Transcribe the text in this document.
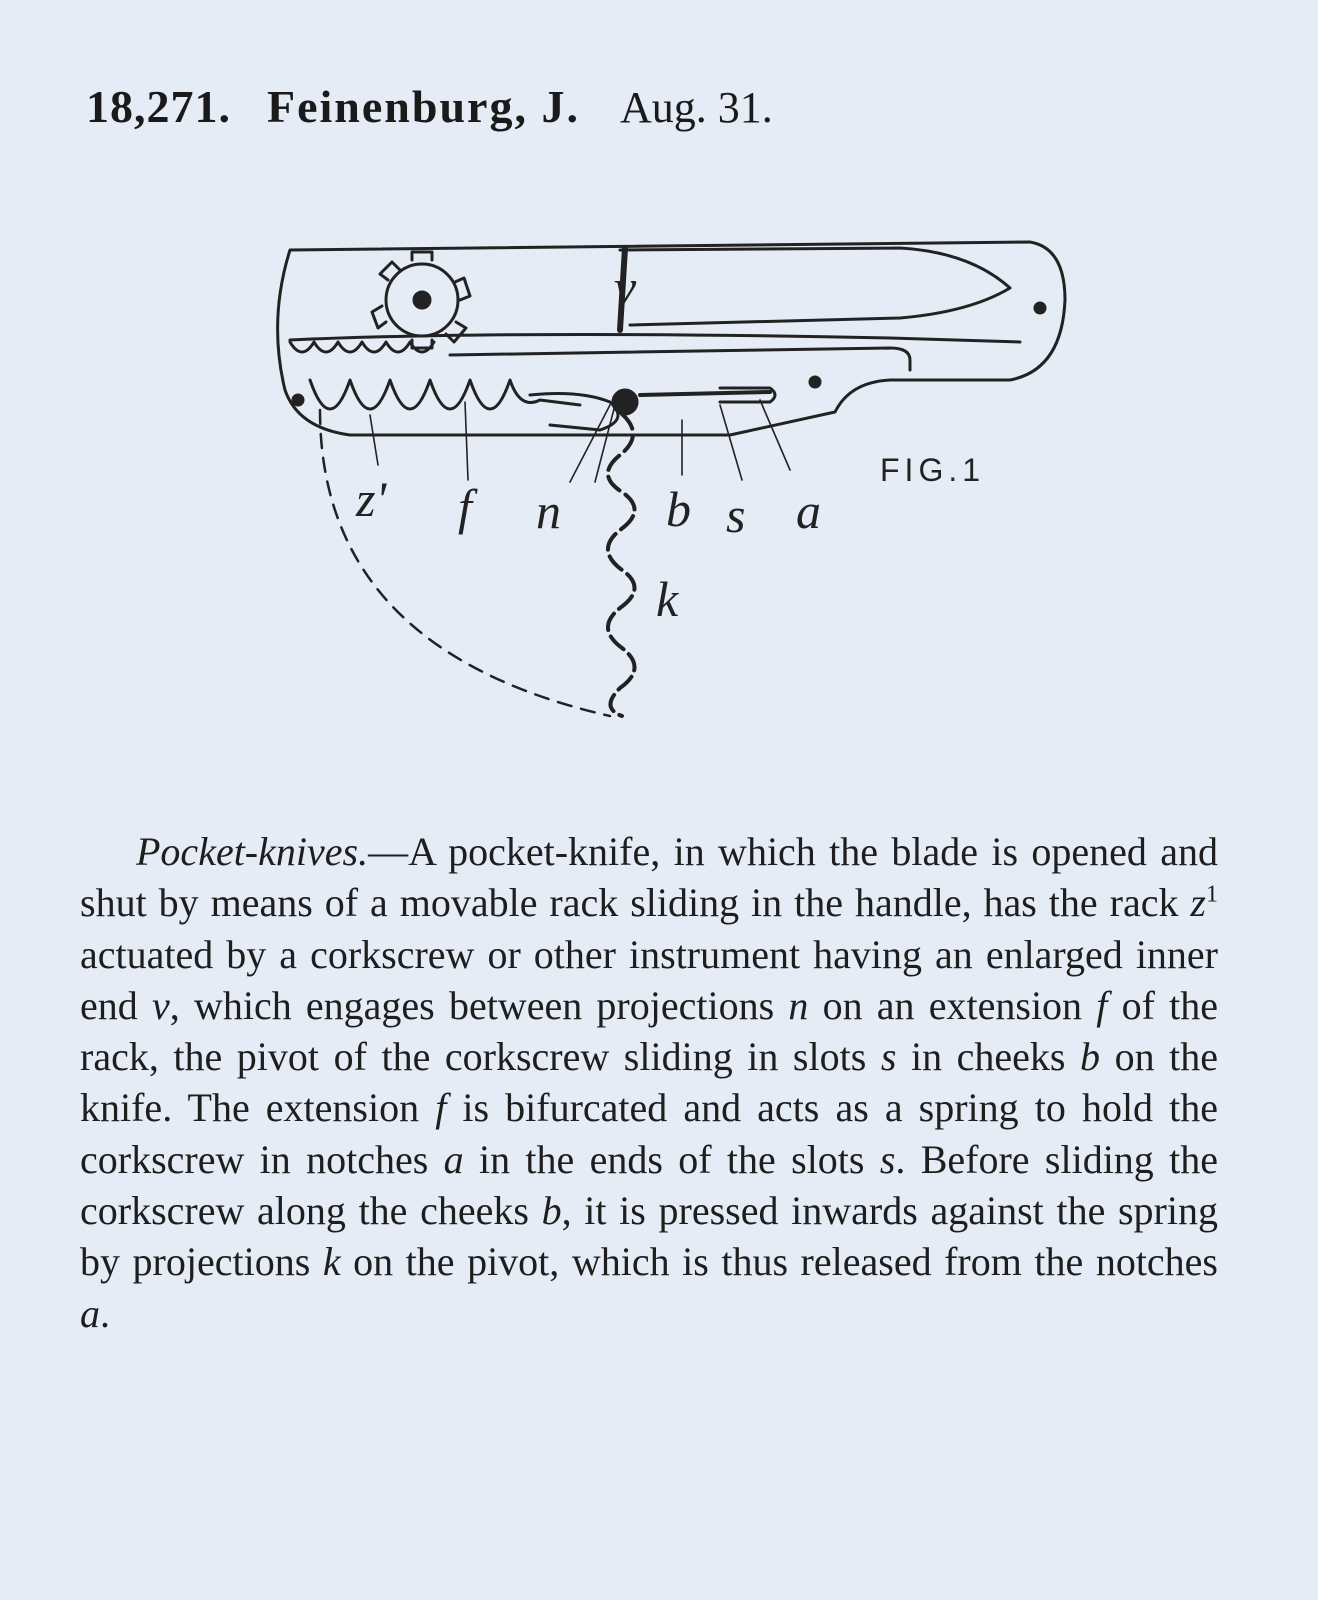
18,271. Feinenburg, J. Aug. 31.
FIG.1
v
z' f n b s a
k
Pocket-knives.—A pocket-knife, in which the blade is opened and shut by means of a movable rack sliding in the handle, has the rack $z^1$ actuated by a corkscrew or other instrument having an enlarged inner end v, which engages between projections n on an extension f of the rack, the pivot of the corkscrew sliding in slots s in cheeks b on the knife. The extension f is bifurcated and acts as a spring to hold the corkscrew in notches a in the ends of the slots s. Before sliding the corkscrew along the cheeks b, it is pressed inwards against the spring by projections k on the pivot, which is thus released from the notches a.
